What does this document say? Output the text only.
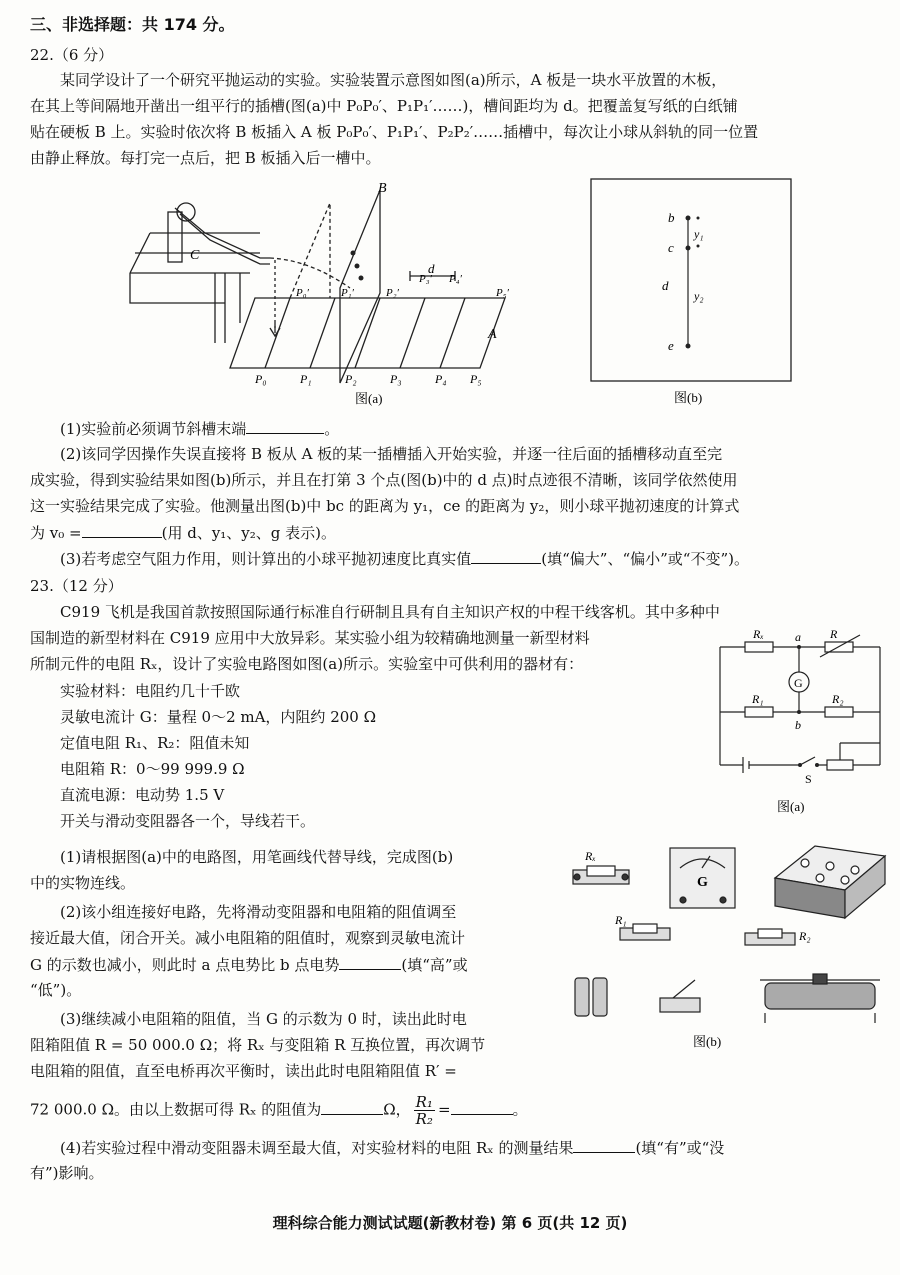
三、非选择题：共 174 分。
22.（6 分）
某同学设计了一个研究平抛运动的实验。实验装置示意图如图(a)所示，A 板是一块水平放置的木板，
在其上等间隔地开凿出一组平行的插槽(图(a)中 P₀P₀′、P₁P₁′……)，槽间距均为 d。把覆盖复写纸的白纸铺
贴在硬板 B 上。实验时依次将 B 板插入 A 板 P₀P₀′、P₁P₁′、P₂P₂′……插槽中，每次让小球从斜轨的同一位置
由静止释放。每打完一点后，把 B 板插入后一槽中。
B
C
A
d
P₀′	P₁′	P₂′
P₃′ P₄′
P₅′
P₀	P₁	P₂	P₃	P₄ P₅
图(a)
b
c
e
y₁
y₂
d
图(b)
(1)实验前必须调节斜槽末端	。
(2)该同学因操作失误直接将 B 板从 A 板的某一插槽插入开始实验，并逐一往后面的插槽移动直至完
成实验，得到实验结果如图(b)所示，并且在打第 3 个点(图(b)中的 d 点)时点迹很不清晰，该同学依然使用
这一实验结果完成了实验。他测量出图(b)中 bc 的距离为 y₁，ce 的距离为 y₂，则小球平抛初速度的计算式
为 v₀ =	(用 d、y₁、y₂、g 表示)。
(3)若考虑空气阻力作用，则计算出的小球平抛初速度比真实值	(填“偏大”、“偏小”或“不变”)。
23.（12 分）
C919 飞机是我国首款按照国际通行标准自行研制且具有自主知识产权的中程干线客机。其中多种中
国制造的新型材料在 C919 应用中大放异彩。某实验小组为较精确地测量一新型材料
所制元件的电阻 Rₓ，设计了实验电路图如图(a)所示。实验室中可供利用的器材有：
实验材料：电阻约几十千欧
灵敏电流计 G：量程 0～2 mA，内阻约 200 Ω
定值电阻 R₁、R₂：阻值未知
电阻箱 R：0～99 999.9 Ω
直流电源：电动势 1.5 V
开关与滑动变阻器各一个，导线若干。
Rₓ	a R
G
R₁	R₂
b
S
图(a)
Rₓ
G
R₁
R₂
图(b)
(1)请根据图(a)中的电路图，用笔画线代替导线，完成图(b)
中的实物连线。
(2)该小组连接好电路，先将滑动变阻器和电阻箱的阻值调至
接近最大值，闭合开关。减小电阻箱的阻值时，观察到灵敏电流计
G 的示数也减小，则此时 a 点电势比 b 点电势	(填“高”或
“低”)。
(3)继续减小电阻箱的阻值，当 G 的示数为 0 时，读出此时电
阻箱阻值 R = 50 000.0 Ω；将 Rₓ 与变阻箱 R 互换位置，再次调节
电阻箱的阻值，直至电桥再次平衡时，读出此时电阻箱阻值 R′ =
72 000.0 Ω。由以上数据可得 Rₓ 的阻值为	Ω， $\frac{\text{R₁}}{\text{R₂}}$ =	。
(4)若实验过程中滑动变阻器未调至最大值，对实验材料的电阻 Rₓ 的测量结果	(填“有”或“没
有”)影响。
理科综合能力测试试题(新教材卷) 第 6 页(共 12 页)
